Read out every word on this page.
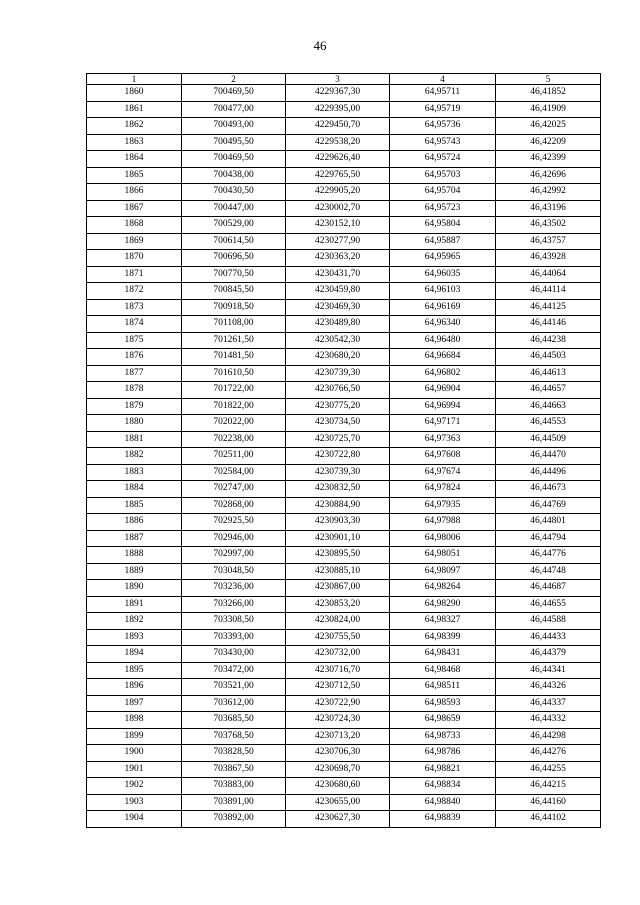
46
1	2	3	4	5
1860	700469,50	4229367,30	64,95711	46,41852
1861	700477,00	4229395,00	64,95719	46,41909
1862	700493,00	4229450,70	64,95736	46,42025
1863	700495,50	4229538,20	64,95743	46,42209
1864	700469,50	4229626,40	64,95724	46,42399
1865	700438,00	4229765,50	64,95703	46,42696
1866	700430,50	4229905,20	64,95704	46,42992
1867	700447,00	4230002,70	64,95723	46,43196
1868	700529,00	4230152,10	64,95804	46,43502
1869	700614,50	4230277,90	64,95887	46,43757
1870	700696,50	4230363,20	64,95965	46,43928
1871	700770,50	4230431,70	64,96035	46,44064
1872	700845,50	4230459,80	64,96103	46,44114
1873	700918,50	4230469,30	64,96169	46,44125
1874	701108,00	4230489,80	64,96340	46,44146
1875	701261,50	4230542,30	64,96480	46,44238
1876	701481,50	4230680,20	64,96684	46,44503
1877	701610,50	4230739,30	64,96802	46,44613
1878	701722,00	4230766,50	64,96904	46,44657
1879	701822,00	4230775,20	64,96994	46,44663
1880	702022,00	4230734,50	64,97171	46,44553
1881	702238,00	4230725,70	64,97363	46,44509
1882	702511,00	4230722,80	64,97608	46,44470
1883	702584,00	4230739,30	64,97674	46,44496
1884	702747,00	4230832,50	64,97824	46,44673
1885	702868,00	4230884,90	64,97935	46,44769
1886	702925,50	4230903,30	64,97988	46,44801
1887	702946,00	4230901,10	64,98006	46,44794
1888	702997,00	4230895,50	64,98051	46,44776
1889	703048,50	4230885,10	64,98097	46,44748
1890	703236,00	4230867,00	64,98264	46,44687
1891	703266,00	4230853,20	64,98290	46,44655
1892	703308,50	4230824,00	64,98327	46,44588
1893	703393,00	4230755,50	64,98399	46,44433
1894	703430,00	4230732,00	64,98431	46,44379
1895	703472,00	4230716,70	64,98468	46,44341
1896	703521,00	4230712,50	64,98511	46,44326
1897	703612,00	4230722,90	64,98593	46,44337
1898	703685,50	4230724,30	64,98659	46,44332
1899	703768,50	4230713,20	64,98733	46,44298
1900	703828,50	4230706,30	64,98786	46,44276
1901	703867,50	4230698,70	64,98821	46,44255
1902	703883,00	4230680,60	64,98834	46,44215
1903	703891,00	4230655,00	64,98840	46,44160
1904	703892,00	4230627,30	64,98839	46,44102
